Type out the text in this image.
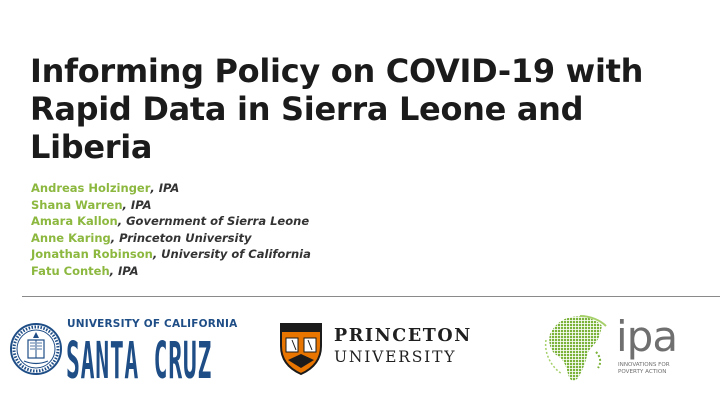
Informing Policy on COVID-19 with Rapid Data in Sierra Leone and Liberia
Andreas Holzinger, IPA
Shana Warren, IPA
Amara Kallon, Government of Sierra Leone
Anne Karing, Princeton University
Jonathan Robinson, University of California
Fatu Conteh, IPA
UNIVERSITY OF CALIFORNIA
SANTA CRUZ	PRINCETON
UNIVERSITY	ipa
INNOVATIONS FOR
POVERTY ACTION
